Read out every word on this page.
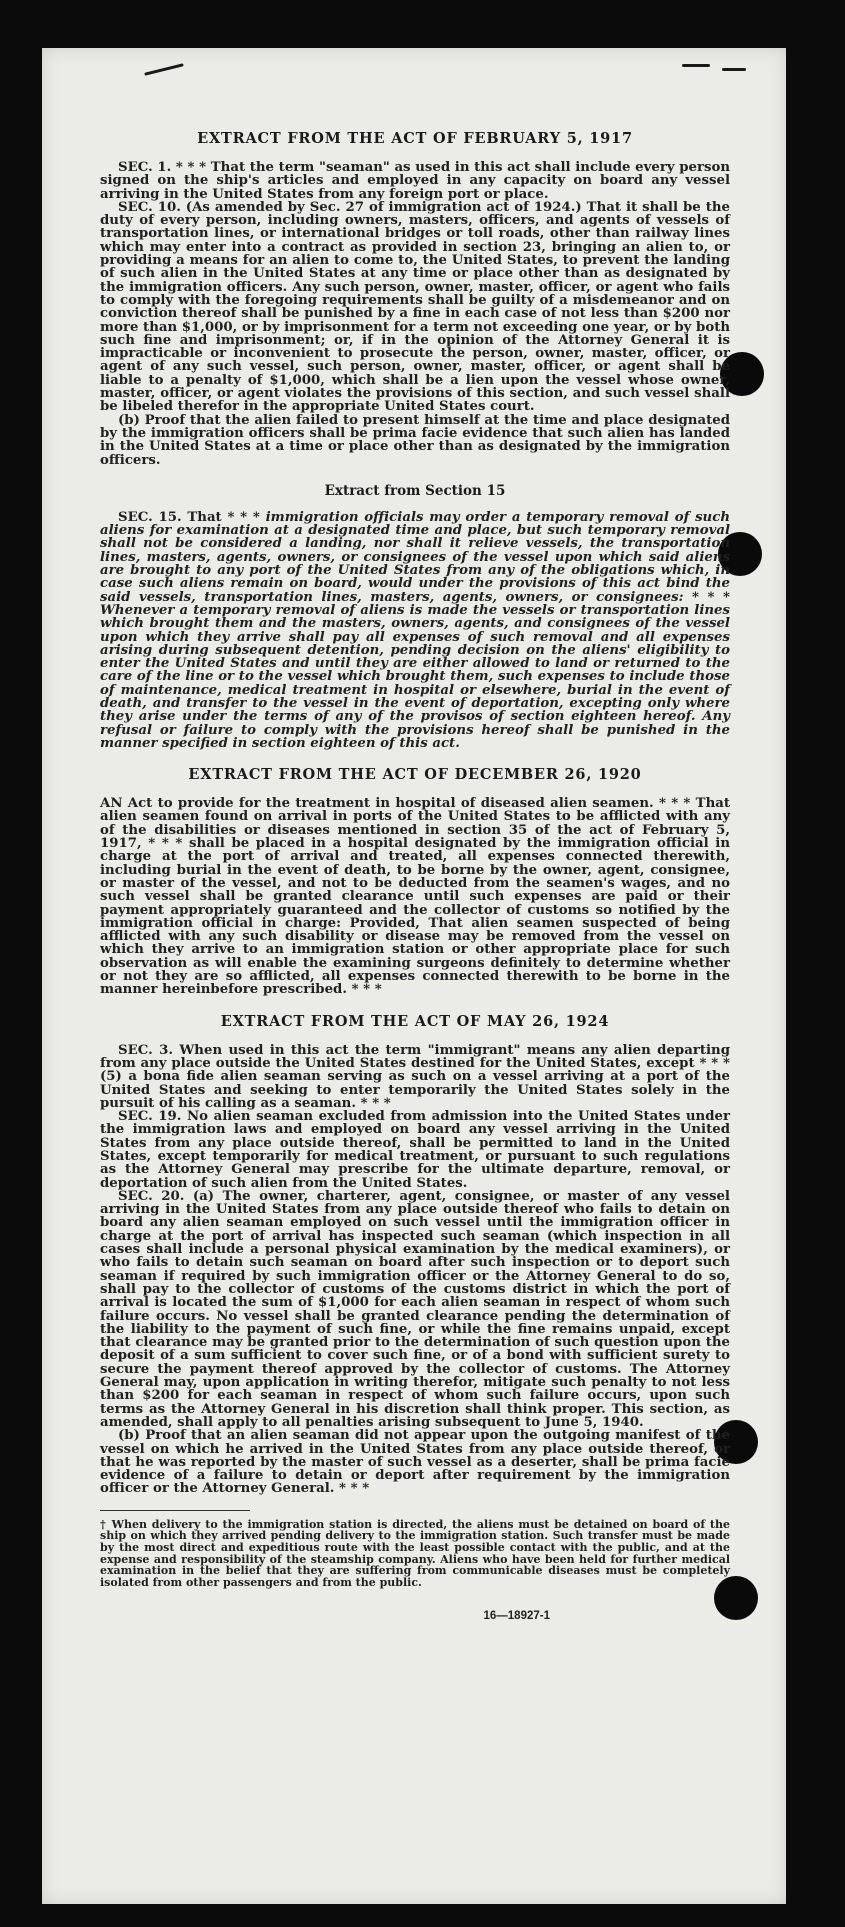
EXTRACT FROM THE ACT OF FEBRUARY 5, 1917

SEC. 1. * * * That the term "seaman" as used in this act shall include every person signed on the ship's articles and employed in any capacity on board any vessel arriving in the United States from any foreign port or place.

SEC. 10. (As amended by Sec. 27 of immigration act of 1924.) That it shall be the duty of every person, including owners, masters, officers, and agents of vessels of transportation lines, or international bridges or toll roads, other than railway lines which may enter into a contract as provided in section 23, bringing an alien to, or providing a means for an alien to come to, the United States, to prevent the landing of such alien in the United States at any time or place other than as designated by the immigration officers. Any such person, owner, master, officer, or agent who fails to comply with the foregoing requirements shall be guilty of a misdemeanor and on conviction thereof shall be punished by a fine in each case of not less than $200 nor more than $1,000, or by imprisonment for a term not exceeding one year, or by both such fine and imprisonment; or, if in the opinion of the Attorney General it is impracticable or inconvenient to prosecute the person, owner, master, officer, or agent of any such vessel, such person, owner, master, officer, or agent shall be liable to a penalty of $1,000, which shall be a lien upon the vessel whose owner, master, officer, or agent violates the provisions of this section, and such vessel shall be libeled therefor in the appropriate United States court.

(b) Proof that the alien failed to present himself at the time and place designated by the immigration officers shall be prima facie evidence that such alien has landed in the United States at a time or place other than as designated by the immigration officers.

Extract from Section 15

SEC. 15. That * * * immigration officials may order a temporary removal of such aliens for examination at a designated time and place, but such temporary removal shall not be considered a landing, nor shall it relieve vessels, the transportation lines, masters, agents, owners, or consignees of the vessel upon which said aliens are brought to any port of the United States from any of the obligations which, in case such aliens remain on board, would under the provisions of this act bind the said vessels, transportation lines, masters, agents, owners, or consignees: * * * Whenever a temporary removal of aliens is made the vessels or transportation lines which brought them and the masters, owners, agents, and consignees of the vessel upon which they arrive shall pay all expenses of such removal and all expenses arising during subsequent detention, pending decision on the aliens' eligibility to enter the United States and until they are either allowed to land or returned to the care of the line or to the vessel which brought them, such expenses to include those of maintenance, medical treatment in hospital or elsewhere, burial in the event of death, and transfer to the vessel in the event of deportation, excepting only where they arise under the terms of any of the provisos of section eighteen hereof. Any refusal or failure to comply with the provisions hereof shall be punished in the manner specified in section eighteen of this act.

EXTRACT FROM THE ACT OF DECEMBER 26, 1920

AN Act to provide for the treatment in hospital of diseased alien seamen. * * * That alien seamen found on arrival in ports of the United States to be afflicted with any of the disabilities or diseases mentioned in section 35 of the act of February 5, 1917, * * * shall be placed in a hospital designated by the immigration official in charge at the port of arrival and treated, all expenses connected therewith, including burial in the event of death, to be borne by the owner, agent, consignee, or master of the vessel, and not to be deducted from the seamen's wages, and no such vessel shall be granted clearance until such expenses are paid or their payment appropriately guaranteed and the collector of customs so notified by the immigration official in charge: Provided, That alien seamen suspected of being afflicted with any such disability or disease may be removed from the vessel on which they arrive to an immigration station or other appropriate place for such observation as will enable the examining surgeons definitely to determine whether or not they are so afflicted, all expenses connected therewith to be borne in the manner hereinbefore prescribed. * * *

EXTRACT FROM THE ACT OF MAY 26, 1924

SEC. 3. When used in this act the term "immigrant" means any alien departing from any place outside the United States destined for the United States, except * * * (5) a bona fide alien seaman serving as such on a vessel arriving at a port of the United States and seeking to enter temporarily the United States solely in the pursuit of his calling as a seaman. * * *

SEC. 19. No alien seaman excluded from admission into the United States under the immigration laws and employed on board any vessel arriving in the United States from any place outside thereof, shall be permitted to land in the United States, except temporarily for medical treatment, or pursuant to such regulations as the Attorney General may prescribe for the ultimate departure, removal, or deportation of such alien from the United States.

SEC. 20. (a) The owner, charterer, agent, consignee, or master of any vessel arriving in the United States from any place outside thereof who fails to detain on board any alien seaman employed on such vessel until the immigration officer in charge at the port of arrival has inspected such seaman (which inspection in all cases shall include a personal physical examination by the medical examiners), or who fails to detain such seaman on board after such inspection or to deport such seaman if required by such immigration officer or the Attorney General to do so, shall pay to the collector of customs of the customs district in which the port of arrival is located the sum of $1,000 for each alien seaman in respect of whom such failure occurs. No vessel shall be granted clearance pending the determination of the liability to the payment of such fine, or while the fine remains unpaid, except that clearance may be granted prior to the determination of such question upon the deposit of a sum sufficient to cover such fine, or of a bond with sufficient surety to secure the payment thereof approved by the collector of customs. The Attorney General may, upon application in writing therefor, mitigate such penalty to not less than $200 for each seaman in respect of whom such failure occurs, upon such terms as the Attorney General in his discretion shall think proper. This section, as amended, shall apply to all penalties arising subsequent to June 5, 1940.

(b) Proof that an alien seaman did not appear upon the outgoing manifest of the vessel on which he arrived in the United States from any place outside thereof, or that he was reported by the master of such vessel as a deserter, shall be prima facie evidence of a failure to detain or deport after requirement by the immigration officer or the Attorney General. * * *

† When delivery to the immigration station is directed, the aliens must be detained on board of the ship on which they arrived pending delivery to the immigration station. Such transfer must be made by the most direct and expeditious route with the least possible contact with the public, and at the expense and responsibility of the steamship company. Aliens who have been held for further medical examination in the belief that they are suffering from communicable diseases must be completely isolated from other passengers and from the public.

16—18927-1
